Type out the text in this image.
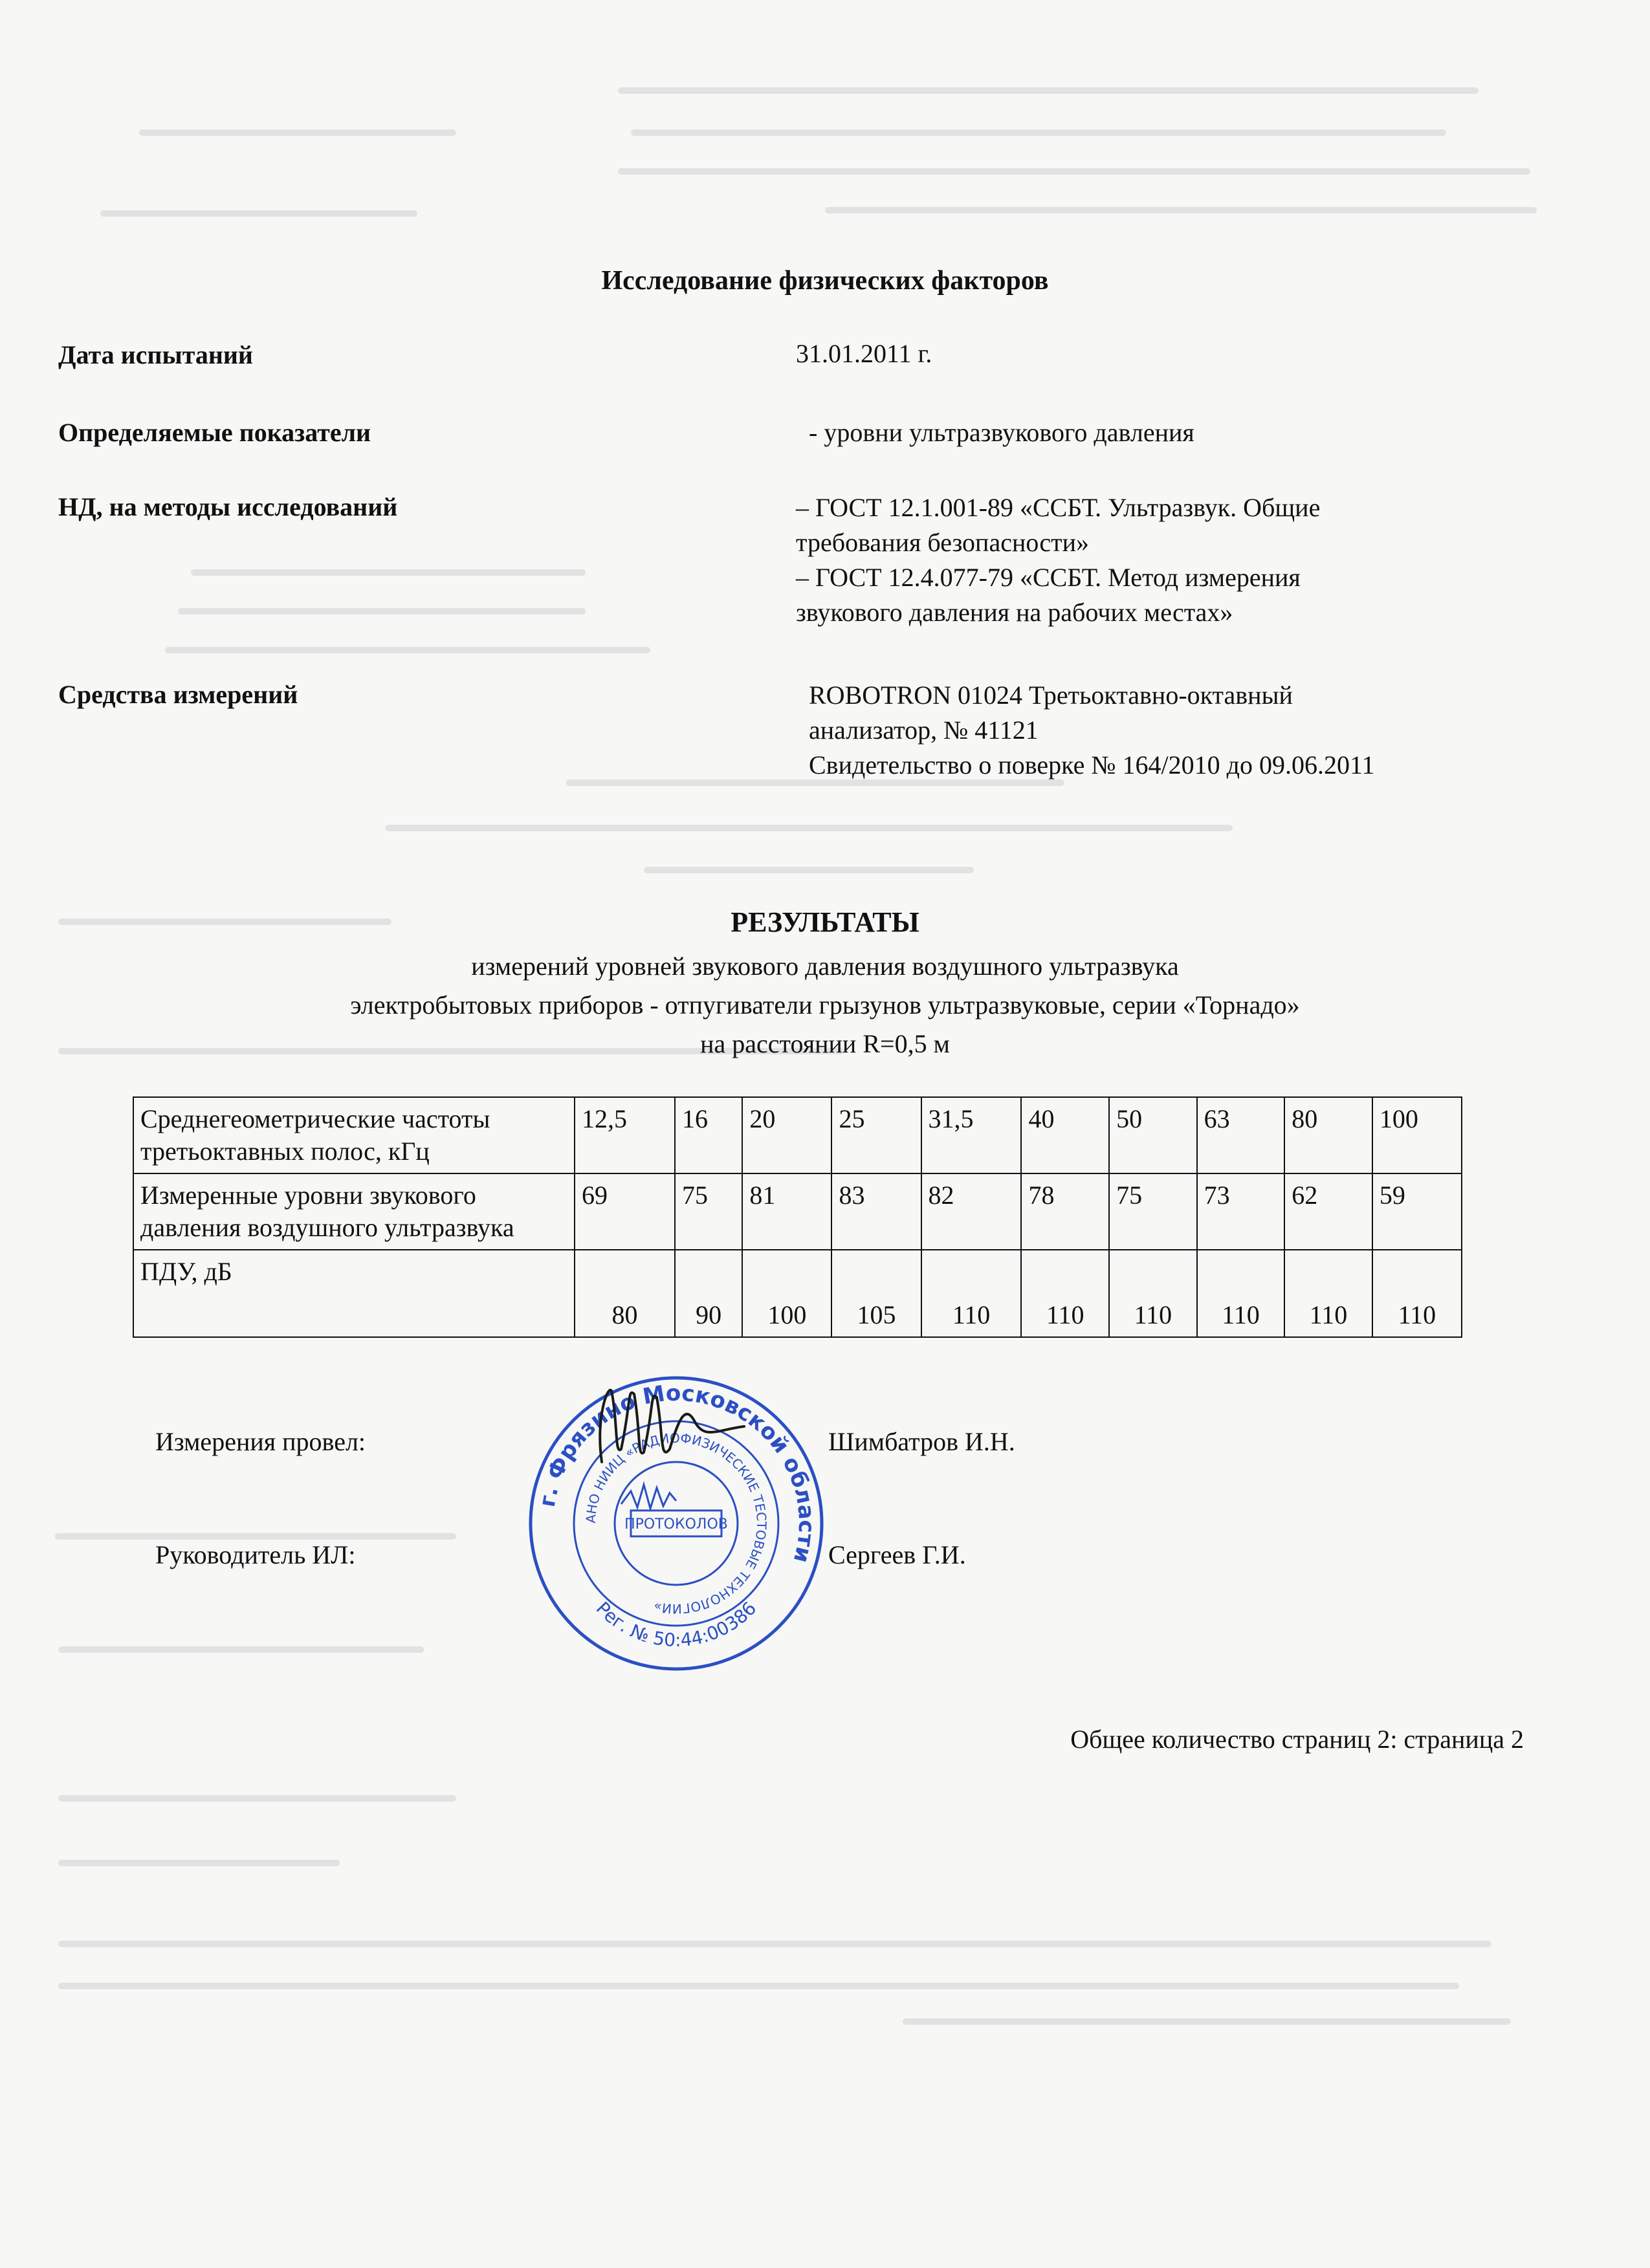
Исследование физических факторов
Дата испытаний	31.01.2011 г.
Определяемые показатели	- уровни ультразвукового давления
НД, на методы исследований	– ГОСТ 12.1.001-89 «ССБТ. Ультразвук. Общие
требования безопасности»
– ГОСТ 12.4.077-79 «ССБТ. Метод измерения
звукового давления на рабочих местах»
Средства измерений	ROBOTRON 01024 Третьоктавно-октавный
анализатор, № 41121
Свидетельство о поверке № 164/2010 до 09.06.2011
РЕЗУЛЬТАТЫ
измерений уровней звукового давления воздушного ультразвука
электробытовых приборов - отпугиватели грызунов ультразвуковые, серии «Торнадо»
на расстоянии R=0,5 м
Среднегеометрические частоты третьоктавных полос, кГц	12,5	16	20	25	31,5	40	50	63	80	100
Измеренные уровни звукового давления воздушного ультразвука	69	75	81	83	82	78	75	73	62	59
ПДУ, дБ	80	90	100	105	110	110	110	110	110	110
Измерения провел:	Шимбатров И.Н.
Руководитель ИЛ:	Сергеев Г.И.
г. Фрязино Московской области
АНО НИИЦ «РАДИОФИЗИЧЕСКИЕ ТЕСТОВЫЕ ТЕХНОЛОГИИ»
ПРОТОКОЛОВ
Рег. № 50:44:00386
Общее количество страниц 2: страница 2
